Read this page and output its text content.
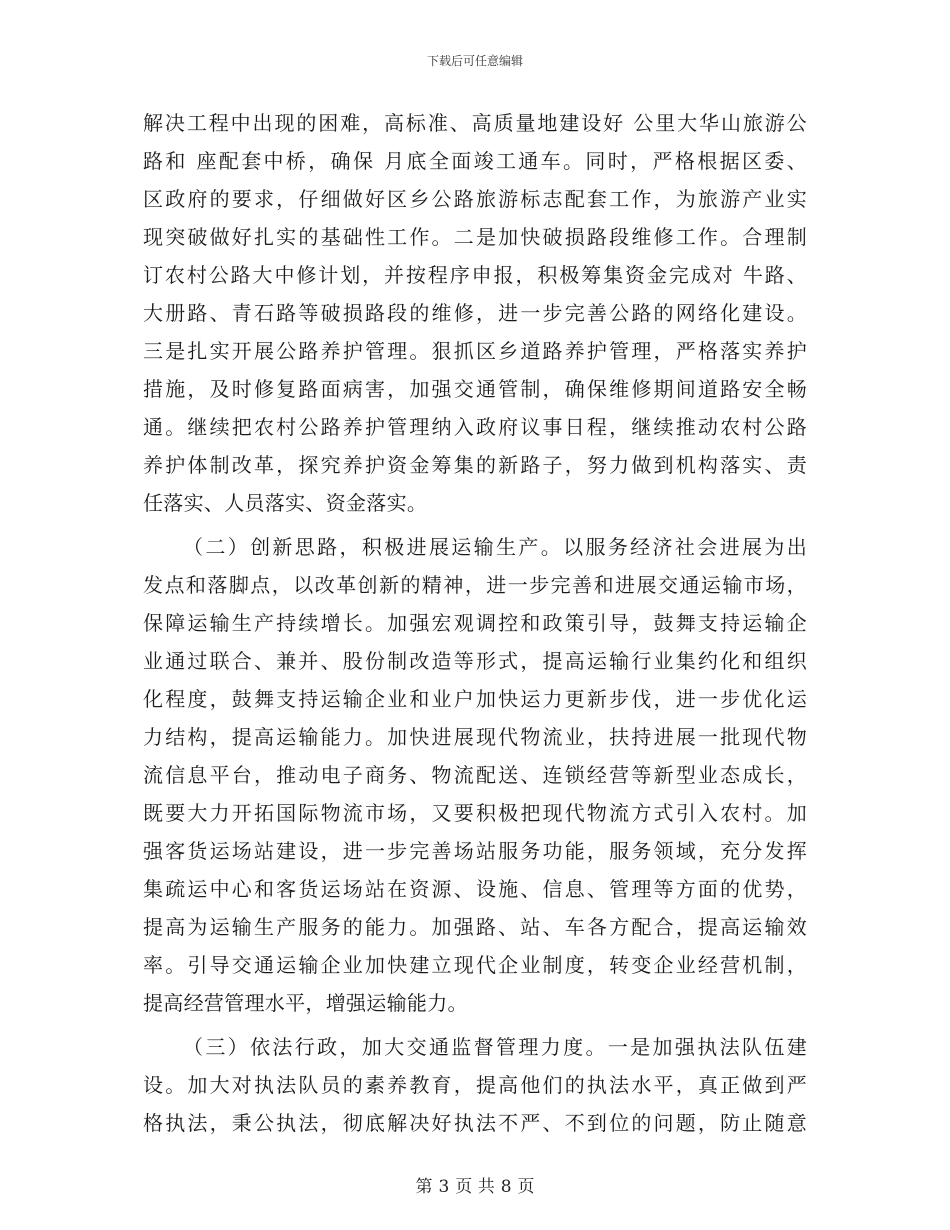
下载后可任意编辑
解决工程中出现的困难，高标准、高质量地建设好 公里大华山旅游公
路和 座配套中桥，确保 月底全面竣工通车。同时，严格根据区委、
区政府的要求，仔细做好区乡公路旅游标志配套工作，为旅游产业实
现突破做好扎实的基础性工作。二是加快破损路段维修工作。合理制
订农村公路大中修计划，并按程序申报，积极筹集资金完成对 牛路、
大册路、青石路等破损路段的维修，进一步完善公路的网络化建设。
三是扎实开展公路养护管理。狠抓区乡道路养护管理，严格落实养护
措施，及时修复路面病害，加强交通管制，确保维修期间道路安全畅
通。继续把农村公路养护管理纳入政府议事日程，继续推动农村公路
养护体制改革，探究养护资金筹集的新路子，努力做到机构落实、责
任落实、人员落实、资金落实。
（二）创新思路，积极进展运输生产。以服务经济社会进展为出
发点和落脚点，以改革创新的精神，进一步完善和进展交通运输市场，
保障运输生产持续增长。加强宏观调控和政策引导，鼓舞支持运输企
业通过联合、兼并、股份制改造等形式，提高运输行业集约化和组织
化程度，鼓舞支持运输企业和业户加快运力更新步伐，进一步优化运
力结构，提高运输能力。加快进展现代物流业，扶持进展一批现代物
流信息平台，推动电子商务、物流配送、连锁经营等新型业态成长，
既要大力开拓国际物流市场，又要积极把现代物流方式引入农村。加
强客货运场站建设，进一步完善场站服务功能，服务领域，充分发挥
集疏运中心和客货运场站在资源、设施、信息、管理等方面的优势，
提高为运输生产服务的能力。加强路、站、车各方配合，提高运输效
率。引导交通运输企业加快建立现代企业制度，转变企业经营机制，
提高经营管理水平，增强运输能力。
（三）依法行政，加大交通监督管理力度。一是加强执法队伍建
设。加大对执法队员的素养教育，提高他们的执法水平，真正做到严
格执法，秉公执法，彻底解决好执法不严、不到位的问题，防止随意
第 3 页 共 8 页
